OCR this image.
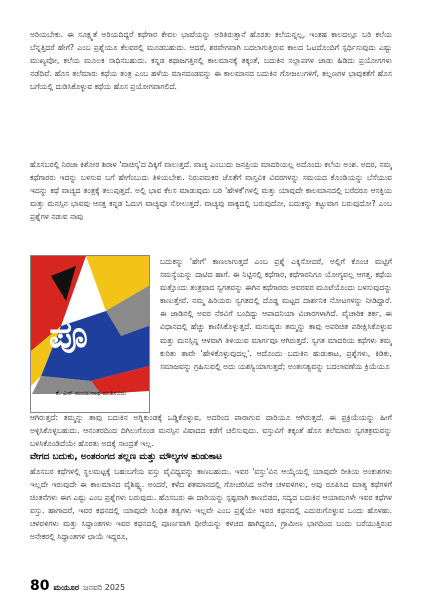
ಅರಿಯಬೇಕು. ಈ ಸೂಕ್ಷ್ಮತೆ ಅರಿಯದಿದ್ದರೆ ಕಥೆಗಾರ ಕೇವಲ ಭಾಷೆಯನ್ನು ಅರಿತಿರುತ್ತಾನೆ ಹೊರತು ಕಲೆಯನ್ನಲ್ಲ, ಇಂತಹ ಕಾಲದಲ್ಲೂ ಬರಿ ಕಲೆಯ ಬೆನ್ನತ್ತಿದರೆ ಹೇಗೆ? ಎಂಬ ಪ್ರಶ್ನೆಯೂ ಕೆಲವರಲ್ಲಿ ಮೂಡಬಹುದು. ಆದರೆ, ಶರವೇಗವಾಗಿ ಬದಲಾಗುತ್ತಿರುವ ಕಾಲದ ಓಟದೊಂದಿಗೆ ಸ್ಪರ್ಧಿಸುವುದು ಎಷ್ಟು ಮುಖ್ಯವೋ, ಕಲೆಯ ಮೂಲಕ ಸಾಧಿಸಬಹುದು. ಕನ್ನಡ ಕಥಾಜಗತ್ತಿನಲ್ಲಿ ಕಾಲಮಾನಕ್ಕೆ ತಕ್ಕಂತೆ, ಬದುಕಿನ ಸಲ್ಲಾಪಗಳ ಜಾಡು ಹಿಡಿದು ಪ್ರಯೋಗಗಳು ನಡೆದಿವೆ. ಹೊಸ ತಲೆಮಾರು ಕಥೆಯ ತಂತ್ರ ಎಂಬ ಹಳೆಯ ಮಾನದಂಡವನ್ನು ಈ ಕಾಲಮಾನದ ಬದುಕಿನ ಗೋಜಲುಗಳಿಗೆ, ತಲ್ಲಣಗಳ ಭಾವುಕತೆಗೆ ಹೊಸ ಬಗೆಯಲ್ಲಿ ದುಡಿಸಿಕೊಳ್ಳುವ ಕಥೆಯ ಹೊಸ ಪ್ರಯೋಗವಾಗಲಿದೆ.

ಹೊಸಬರಲ್ಲಿ ನಿರಜಾ ಕಿಶೋರ ಶಿರಾಳ 'ವಾಚಿಸ್ಕ'ದ ದಿಕ್ಕಿಗೆ ವಾಲುತ್ತದೆ. ವಾಚ್ಯ ಎಂಬುದು ಜನಪ್ರಿಯ ಮಾದರಿಯಲ್ಲ ಅದೊಂದು ಕಲೆಯ ಅಂಶ. ಅದರ, ನಮ್ಮ ಕಥೆಗಾರರು ಇದನ್ನು ಬಳಸುವ ಬಗೆ ಹೇಗೆಂಬುದು ತಿಳಿಯಬೇಕು. ನಿರುಪಮಕರ ಜೊತೆಗೆ ವಾಸ್ತವಿಕ ವಿವರಗಳನ್ನು ಸಮಯದ ಕೊಂಡಿಯನ್ನು ಬೆಸೆಯುವ ಇದನ್ನು ಕಥೆ ವಾಚ್ಯದ ತಂತ್ರಕ್ಕೆ ತಲುಪುತ್ತದೆ. ಅಲ್ಲಿ ಭಾವ ಕೆಲಸ ಮಾಡುವುದು ಬರಿ 'ಹೇಳಿಕೆ'ಗಳಲ್ಲಿ ಮತ್ತು ಯಾವುದೇ ಕಾಲಮಾನದಲ್ಲಿ ಬರೆದರೂ ಆಸಕ್ತಿಯ ಮತ್ತು ಮನಸ್ಸಿನ ಭಾವವು ಆಸಕ್ತ ಕನ್ನಡ ಓದುಗ ವಾಚ್ಯವೂ ಸೋಲುತ್ತದೆ. ವಾಚ್ಯವು ವಾಕ್ಯದಲ್ಲಿ ಬರುವುದೋ, ಬದುಕನ್ನು ಕಟ್ಟುವಾಗ ಬರುವುದೋ? ಎಂಬ ಪ್ರಶ್ನೆಗಳ ನಡುವ ನಾವು

ಪೂ
ಕೆ. ಎನ್ ಮಂಜುನಾಥ ದಂತಿಸೂರು

ಬದುಕನ್ನು 'ಹೇಗೆ' ಕಾಣಲಾಗುತ್ತದೆ ಎಂಬ ಪ್ರಶ್ನೆ ಎಕ್ಕಿಸೋದರೆ, ಅಲ್ಲಿಗೆ ಕೊಂಚ ಮಟ್ಟಿಗೆ ಸಮಸ್ಯೆಯನ್ನು ದಾಟಿದ ಹಾಗೆ. ಈ ನಿಟ್ಟಿನಲ್ಲಿ ಕಥೆಗಾರ, ಕಥೆಗಾರನಿಗೂ ಯೋಗ್ಯವಲ್ಲ ಆಗತ್ತ. ಕಥೆಯ ಮತ್ತೊಂದು ತಂತ್ರವಾದ ಸ್ವಗತವನ್ನು ಈಗಿನ ಕಥೆಗಾರರು ಅವರವರ ಮೂಟೆಯೊಂದು ಬಳಸುವುದನ್ನು ಕಾಣುತ್ತೇವೆ. ನಮ್ಮ ಹಿರಿಯರು ಸ್ವಗತದಲ್ಲಿ ದೊಡ್ಡ ಮಟ್ಟದ ದಾರ್ಶನಿಕ ನೋಟಗಳನ್ನು ನೀಡಿದ್ದಾರೆ. ಈ ಜಾಡಿನಲ್ಲಿ ಅವರ ನೆರವಿಗೆ ಬಂದಿದ್ದು ಆಪಾದನಿಯಾ ವಿಚಾರಗಳಾಗಿದೆ. ವೈಚಾರಿಕ ತರ್ಕ, ಈ ವಿಧಾನದಲ್ಲಿ ಹೆಚ್ಚು ಕಾಣಿಸಿಕೊಳ್ಳುತ್ತದೆ. ಮನುಷ್ಯರು ತಮ್ಮನ್ನು ತಾವು ಅಪರಿಚಿತ ಪರೀಕ್ಷಿಸಿಕೊಳ್ಳುವ ಮತ್ತು ಮನಸ್ಸಿನ್ನ ಆಳವಾಗಿ ತಿಳಿಯುವ ಮಾರ್ಗವೂ ಆಗಿರುತ್ತದೆ. ಸ್ವಗತ ಮಾದರಿಯ ಕಥೆಗಳು ತಮ್ಮ ಕುರಿತು ತಾವೇ 'ಹೇಳಿಕೊಳ್ಳುವುದಲ್ಲ'. ಆದೊಂದು ಬದುಕಿನ ಹುಡುಕಾಟ, ಪ್ರಶ್ನೆಗಳು, ಕಿಡಿಕು, ಸಮಾಜವನ್ನು ಗ್ರಹಿಸುವಲ್ಲಿ ಅದು ಯಶಸ್ವಿಯಾಗುತ್ತದೆ; ಅಂತಃಸತ್ವವನ್ನು ಬದಲಾವಣೆಯ ಕ್ರಿಯೆಯೂ

ಆಗಿರುತ್ತದೆ: ತಮ್ಮನ್ನು ತಾವು ಬದುಕಿನ ಅಗ್ನಿಕುಂಡಕ್ಕೆ ಒಡ್ಡಿಕೊಳ್ಳುವ, ಅದರಿಂದ ಪಾರಾಗುವ ದಾರಿಯೂ ಆಗಿರುತ್ತದೆ. ಈ ಪ್ರಕ್ರಿಯೆಯನ್ನು ಹೀಗೆ ಅಳ್ಳಿಸಿಕೊಳ್ಳಬಹುದು. ಆನಂತರದಿಂದ ದಿಗಿಲುಗೊಂಡ ಮನಸ್ಸಿನ ವಿಷಾದದ ಕಡೆಗೆ ಚಲಿಸುವುದು. ವಸ್ತುವಿಗೆ ತಕ್ಕಂತೆ ಹೊಸ ತಲೆಮಾರು ಸ್ವಗತಕ್ರಮವನ್ನು ಬಳಸಿಕೊಂಡಿದೆಯೇ ಹೊರತು ಅದಕ್ಕೆ ಸಾಂದ್ರತೆ ಇಲ್ಲ.

ವೇಗದ ಬದುಕು, ಅಂತರಂಗದ ತಲ್ಲಣ ಮತ್ತು ಮೌಲ್ಯಗಳ ಹುಡುಕಾಟ

ಹೊಸಬರ ಕಥೆಗಳಲ್ಲಿ ಸ್ಥಲಮಟ್ಟಕ್ಕೆ ಬಹುಬಗೆಯ ವಸ್ತು ವೈವಿಧ್ಯವನ್ನು ಕಾಣಬಹುದು. ಇವರ 'ವಸ್ತು'ವಿನ ಆಯ್ಕೆಯಲ್ಲಿ ಯಾವುದೇ ರೀತಿಯ ಅಂಕುಶಗಳು ಇಲ್ಲದೇ ಇರುವುದೇ ಈ ಕಾಲಮಾನದ ವೈಶಿಷ್ಟ್ಯ. ಅಂದರೆ, ಕಳೆದ ಶತಮಾನದಲ್ಲಿ ಗೋಚರಿಸಿದ ಅನೇಕ ಚಳವಳಿಗಳು, ಅವು ರೂಪಿಸಿದ ಮಾತ್ಯ ಕಥೆಗಳಿಗೆ ಚಿಂತನೆಗಳು ಈಗ ಎಷ್ಟು ಎಂಬ ಪ್ರಶ್ನೆಗಳು ಬರುವುದು. ಹೊಸಬರು ಈ ದಾರಿಯನ್ನು ಸ್ಪಷ್ಟವಾಗಿ ಕಾಣಬಿಡದ, ಸದ್ಯದ ಬದುಕಿನ ಆಯಾಮಗಳೇ ಇವರ ಕಥೆಗಳ ವಸ್ತು. ಹಾಗಾದರೆ, ಇವರ ಕಥನದಲ್ಲಿ ಯಾವುದೇ ಸಿಂಧಿತ ತತ್ವಗಳು ಇಲ್ಲವೇ ಎಂಬ ಪ್ರಶ್ನೆಯೇ ಇವರ ಕಥನದಲ್ಲಿ ಎದುರುಗೊಳ್ಳುವ ಒಂದು ಹೊಳಹು. ಚಳವಳಿಗಳು ಮತ್ತು ಸಿದ್ಧಾಂತಗಳು ಇವರ ಕಥನದಲ್ಲಿ ಪೂರ್ಣವಾಗಿ ಧೀರೆಯನ್ನು ಕಳಚದ ಹಾಗಿದ್ದರೂ, ಗ್ರಾಮೀಣ ಭಾಗದಿಂದ ಬಂದು ಬರೆಯುತ್ತಿರುವ ಅನೇಕರಲ್ಲಿ ಸಿದ್ಧಾಂತಗಳ ಛಾಯೆ ಇದ್ದರೂ,

80 ಮಯೂರ ಜನವರಿ 2025
